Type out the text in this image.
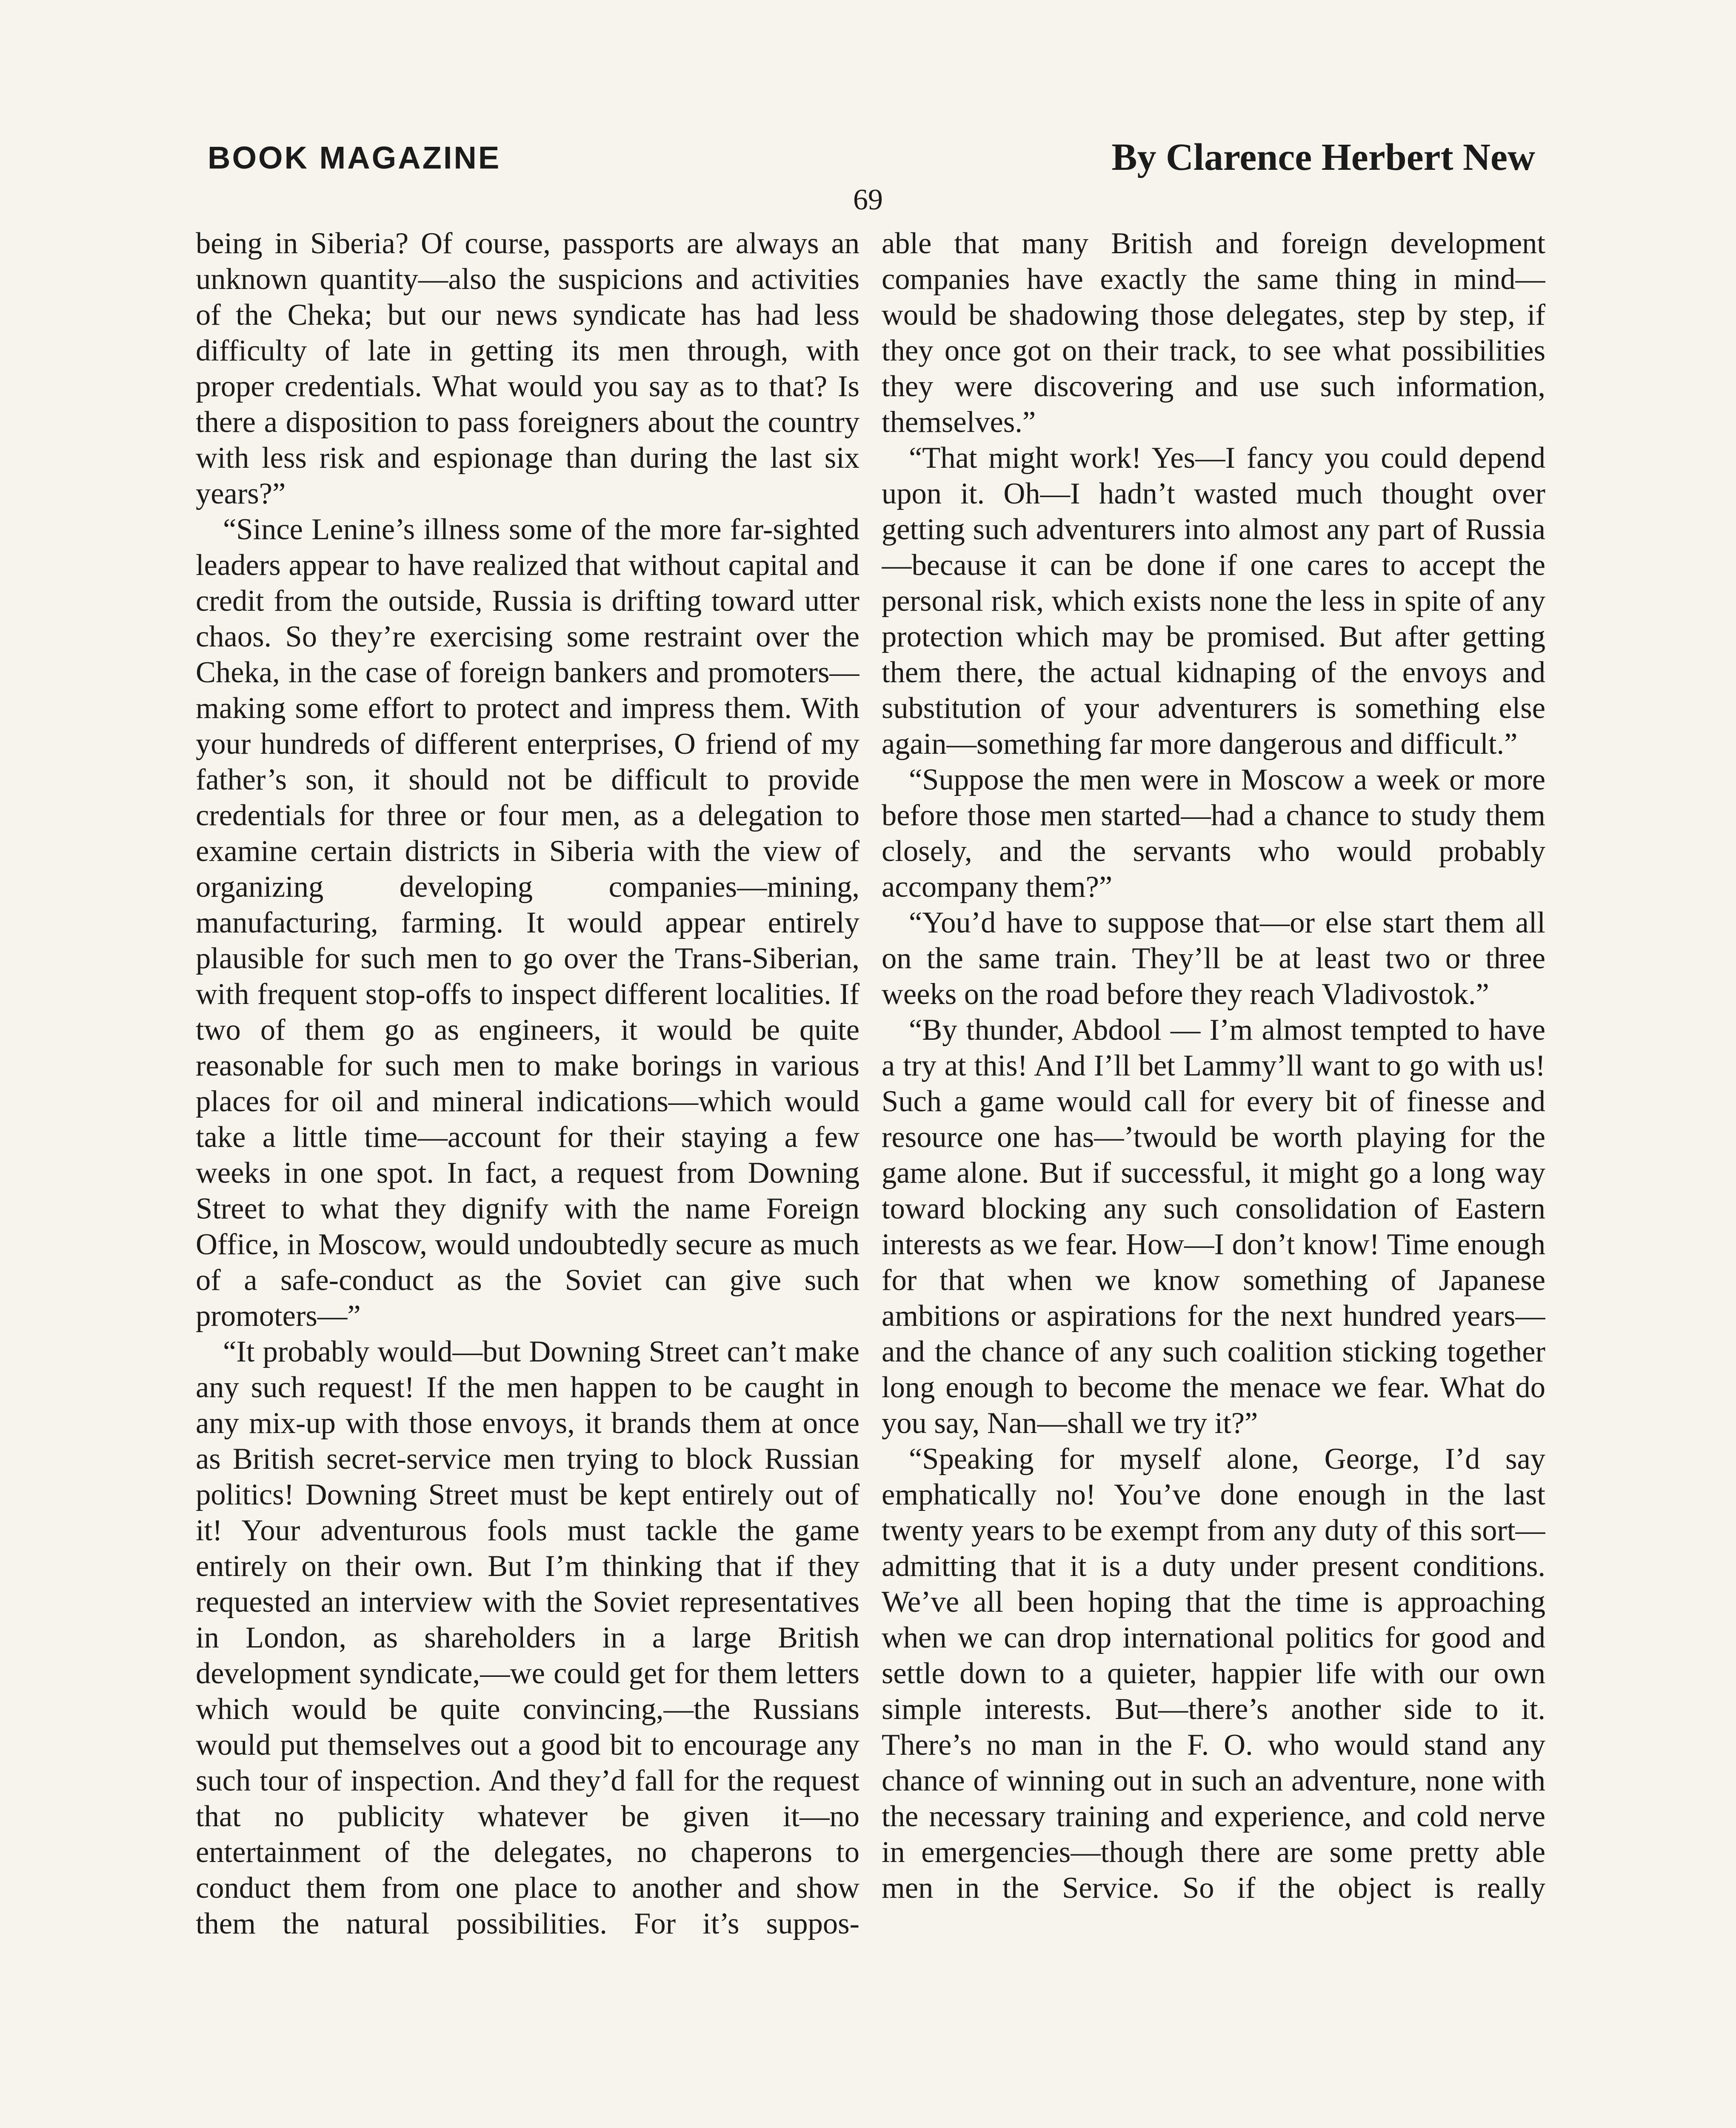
BOOK MAGAZINE	By Clarence Herbert New
69

being in Siberia? Of course, passports are always an unknown quantity—also the suspicions and activities of the Cheka; but our news syndicate has had less difficulty of late in getting its men through, with proper credentials. What would you say as to that? Is there a disposition to pass foreigners about the country with less risk and espionage than during the last six years?”

“Since Lenine’s illness some of the more far-sighted leaders appear to have realized that without capital and credit from the outside, Russia is drifting toward utter chaos. So they’re exercising some restraint over the Cheka, in the case of foreign bankers and promoters—making some effort to protect and impress them. With your hundreds of different enterprises, O friend of my father’s son, it should not be difficult to provide credentials for three or four men, as a delegation to examine certain districts in Siberia with the view of organizing developing companies—mining, manufacturing, farming. It would appear entirely plausible for such men to go over the Trans-Siberian, with frequent stop-offs to inspect different localities. If two of them go as engineers, it would be quite reasonable for such men to make borings in various places for oil and mineral indications—which would take a little time—account for their staying a few weeks in one spot. In fact, a request from Downing Street to what they dignify with the name Foreign Office, in Moscow, would undoubtedly secure as much of a safe-conduct as the Soviet can give such promoters—”

“It probably would—but Downing Street can’t make any such request! If the men happen to be caught in any mix-up with those envoys, it brands them at once as British secret-service men trying to block Russian politics! Downing Street must be kept entirely out of it! Your adventurous fools must tackle the game entirely on their own. But I’m thinking that if they requested an interview with the Soviet representatives in London, as shareholders in a large British development syndicate,—we could get for them letters which would be quite convincing,—the Russians would put themselves out a good bit to encourage any such tour of inspection. And they’d fall for the request that no publicity whatever be given it—no entertainment of the delegates, no chaperons to conduct them from one place to another and show them the natural possibilities. For it’s suppos-

able that many British and foreign development companies have exactly the same thing in mind—would be shadowing those delegates, step by step, if they once got on their track, to see what possibilities they were discovering and use such information, themselves.”

“That might work! Yes—I fancy you could depend upon it. Oh—I hadn’t wasted much thought over getting such adventurers into almost any part of Russia—because it can be done if one cares to accept the personal risk, which exists none the less in spite of any protection which may be promised. But after getting them there, the actual kidnaping of the envoys and substitution of your adventurers is something else again—something far more dangerous and difficult.”

“Suppose the men were in Moscow a week or more before those men started—had a chance to study them closely, and the servants who would probably accompany them?”

“You’d have to suppose that—or else start them all on the same train. They’ll be at least two or three weeks on the road before they reach Vladivostok.”

“By thunder, Abdool — I’m almost tempted to have a try at this! And I’ll bet Lammy’ll want to go with us! Such a game would call for every bit of finesse and resource one has—’twould be worth playing for the game alone. But if successful, it might go a long way toward blocking any such consolidation of Eastern interests as we fear. How—I don’t know! Time enough for that when we know something of Japanese ambitions or aspirations for the next hundred years—and the chance of any such coalition sticking together long enough to become the menace we fear. What do you say, Nan—shall we try it?”

“Speaking for myself alone, George, I’d say emphatically no! You’ve done enough in the last twenty years to be exempt from any duty of this sort—admitting that it is a duty under present conditions. We’ve all been hoping that the time is approaching when we can drop international politics for good and settle down to a quieter, happier life with our own simple interests. But—there’s another side to it. There’s no man in the F. O. who would stand any chance of winning out in such an adventure, none with the necessary training and experience, and cold nerve in emergencies—though there are some pretty able men in the Service. So if the object is really
